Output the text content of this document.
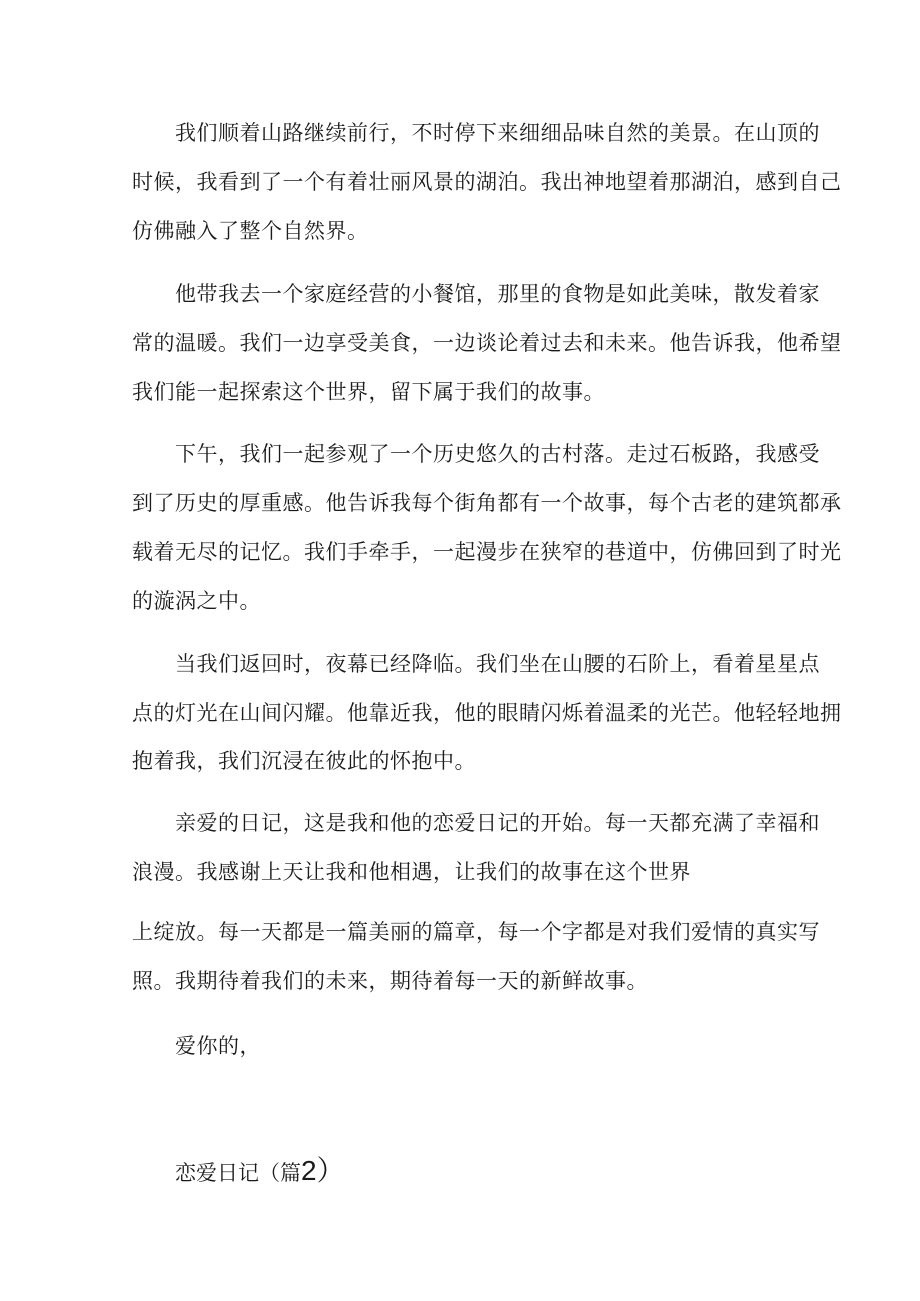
我们顺着山路继续前行，不时停下来细细品味自然的美景。在山顶的
时候，我看到了一个有着壮丽风景的湖泊。我出神地望着那湖泊，感到自己
仿佛融入了整个自然界。
他带我去一个家庭经营的小餐馆，那里的食物是如此美味，散发着家
常的温暖。我们一边享受美食，一边谈论着过去和未来。他告诉我，他希望
我们能一起探索这个世界，留下属于我们的故事。
下午，我们一起参观了一个历史悠久的古村落。走过石板路，我感受
到了历史的厚重感。他告诉我每个街角都有一个故事，每个古老的建筑都承
载着无尽的记忆。我们手牵手，一起漫步在狭窄的巷道中，仿佛回到了时光
的漩涡之中。
当我们返回时，夜幕已经降临。我们坐在山腰的石阶上，看着星星点
点的灯光在山间闪耀。他靠近我，他的眼睛闪烁着温柔的光芒。他轻轻地拥
抱着我，我们沉浸在彼此的怀抱中。
亲爱的日记，这是我和他的恋爱日记的开始。每一天都充满了幸福和
浪漫。我感谢上天让我和他相遇，让我们的故事在这个世界
上绽放。每一天都是一篇美丽的篇章，每一个字都是对我们爱情的真实写
照。我期待着我们的未来，期待着每一天的新鲜故事。
爱你的，
恋爱日记（篇2）
